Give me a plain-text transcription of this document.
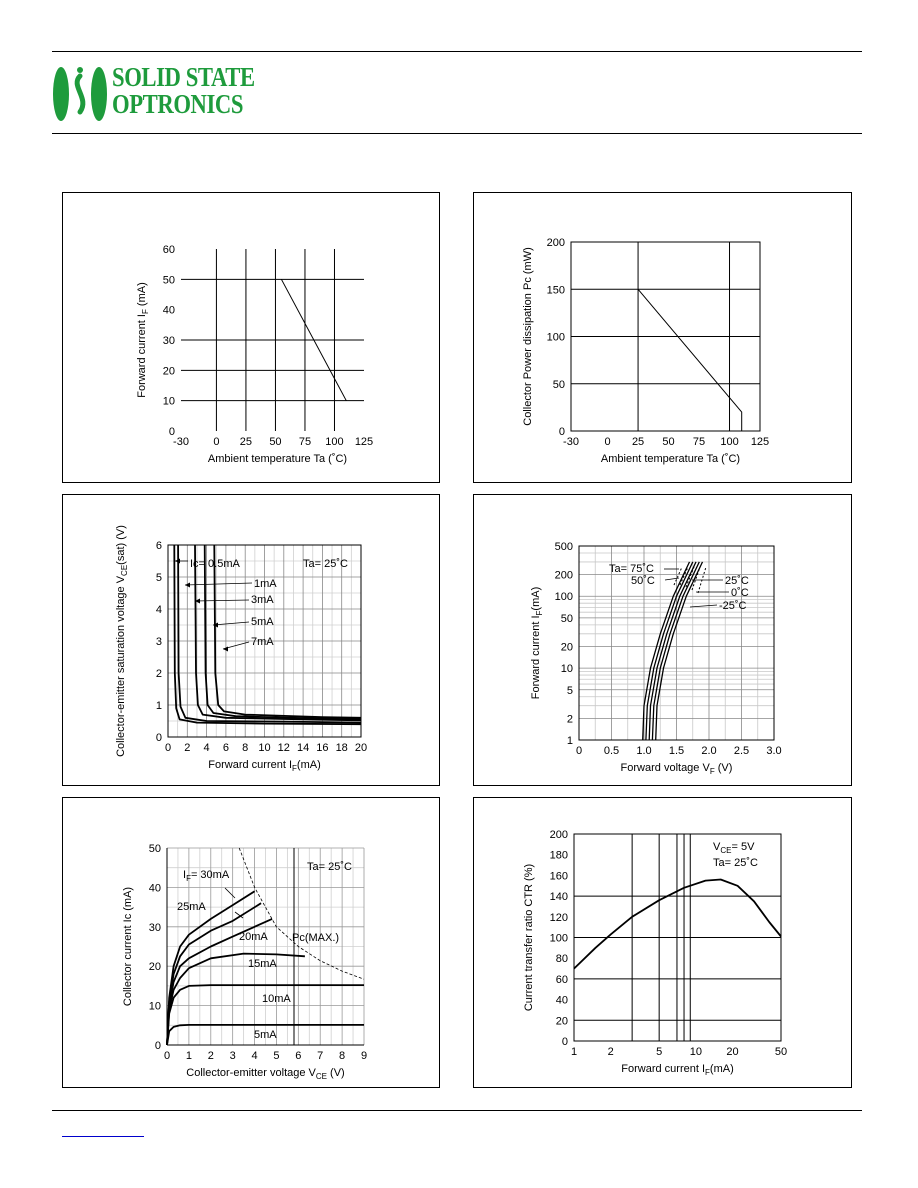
SOLID STATE
OPTRONICS
-30 0 25 50 75 100 125
0
10
20
30
40
50
60
Ambient temperature Ta (˚C)
Forward current $I_F$ (mA)
-30 0 25 50 75 100 125
0
50
100
150
200
Ambient temperature Ta (˚C)
Collector Power dissipation Pc (mW)
0 2 4 6 8 10 12 14 16 18 20
0
1
2
3
4
5
6
Forward current $I_F(mA)$
Collector-emitter saturation voltage $V_{CE}(sat)$ (V)	Ta= 25˚C
Ic= 0.5mA
1mA
3mA
5mA
7mA
0 0.5 1.0 1.5 2.0 2.5 3.0
1
2
5
10
20
50
100
200
500
Forward voltage $V_F$ (V)
Forward current $I_F(mA)$
Ta= 75˚C
50˚C	25˚C
0˚C
-25˚C
0 1 2 3 4 5 6 7 8 9
0
10
20
30
40
50
Collector-emitter voltage $V_{CE}$ (V)
Collector current Ic (mA)
Ta= 25˚C
$I_F= 30mA$
25mA
20mA
15mA
10mA
5mA
Pc(MAX.)
1	2	5 10 20	50
0
20
40
60
80
100
120
140
160
180
200
Forward current $I_F(mA)$
Current transfer ratio CTR (%)
$V_{CE}= 5V$
Ta= 25˚C
